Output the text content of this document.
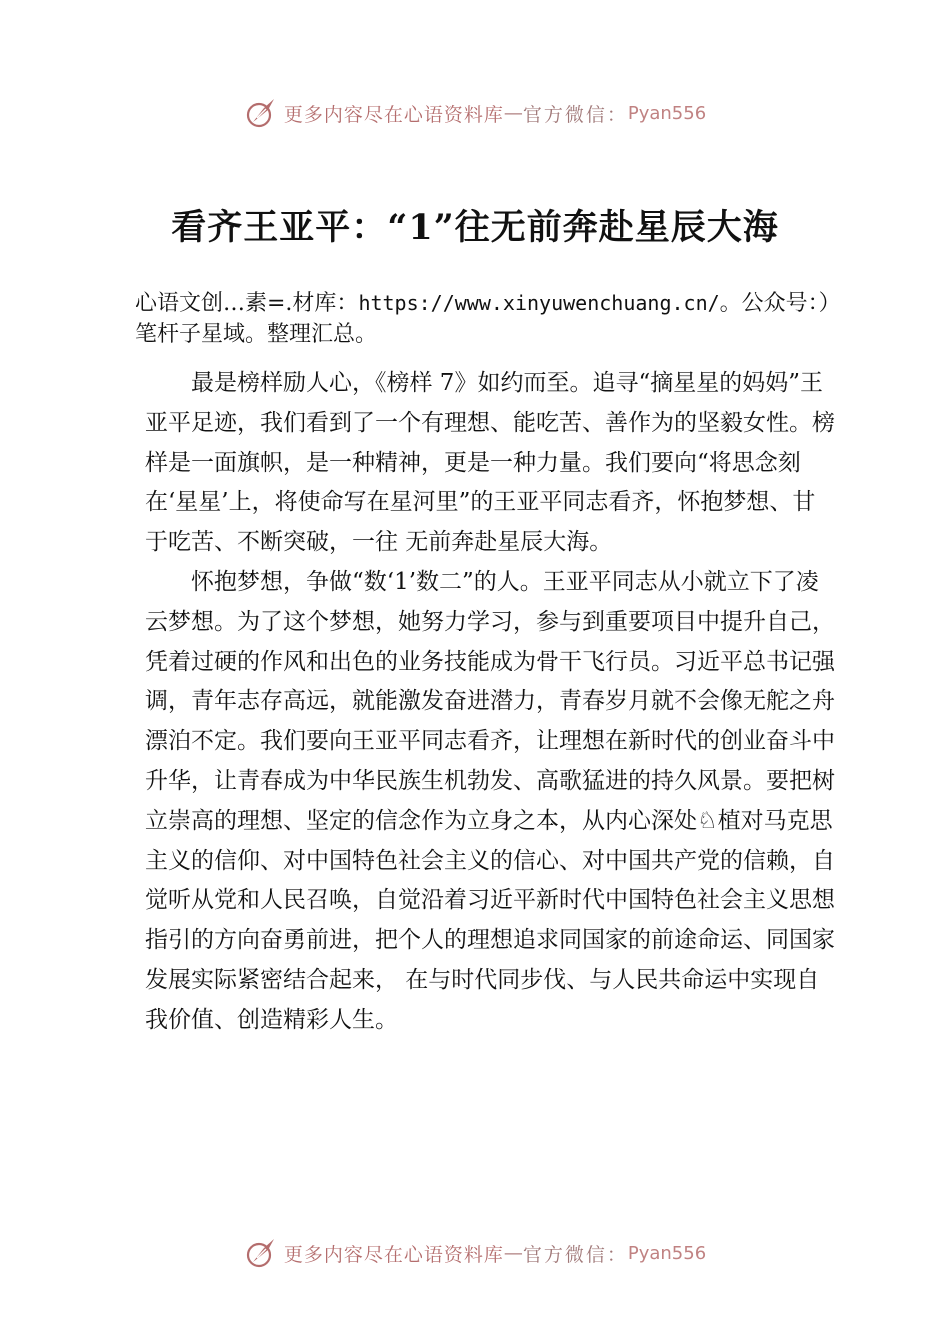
更多内容尽在心语资料库 — 官方微信： Pyan556
看齐王亚平：“1”往无前奔赴星辰大海
心语文创…素=.材库：https://www.xinyuwenchuang.cn/。公众号：）笔杆子星域。整理汇总。

最是榜样励人心，《榜样 7》如约而至。追寻“摘星星的妈妈”王亚平足迹，我们看到了一个有理想、能吃苦、善作为的坚毅女性。榜样是一面旗帜，是一种精神，更是一种力量。我们要向“将思念刻在‘星星’上，将使命写在星河里”的王亚平同志看齐，怀抱梦想、甘于吃苦、不断突破，一往 无前奔赴星辰大海。

怀抱梦想，争做“数‘1’数二”的人。王亚平同志从小就立下了凌云梦想。为了这个梦想，她努力学习，参与到重要项目中提升自己，凭着过硬的作风和出色的业务技能成为骨干飞行员。习近平总书记强调，青年志存高远，就能激发奋进潜力，青春岁月就不会像无舵之舟漂泊不定。我们要向王亚平同志看齐，让理想在新时代的创业奋斗中升华，让青春成为中华民族生机勃发、高歌猛进的持久风景。要把树立崇高的理想、坚定的信念作为立身之本，从内心深处♘植对马克思主义的信仰、对中国特色社会主义的信心、对中国共产党的信赖，自觉听从党和人民召唤，自觉沿着习近平新时代中国特色社会主义思想指引的方向奋勇前进，把个人的理想追求同国家的前途命运、同国家发展实际紧密结合起来， 在与时代同步伐、与人民共命运中实现自我价值、创造精彩人生。

更多内容尽在心语资料库 — 官方微信： Pyan556
